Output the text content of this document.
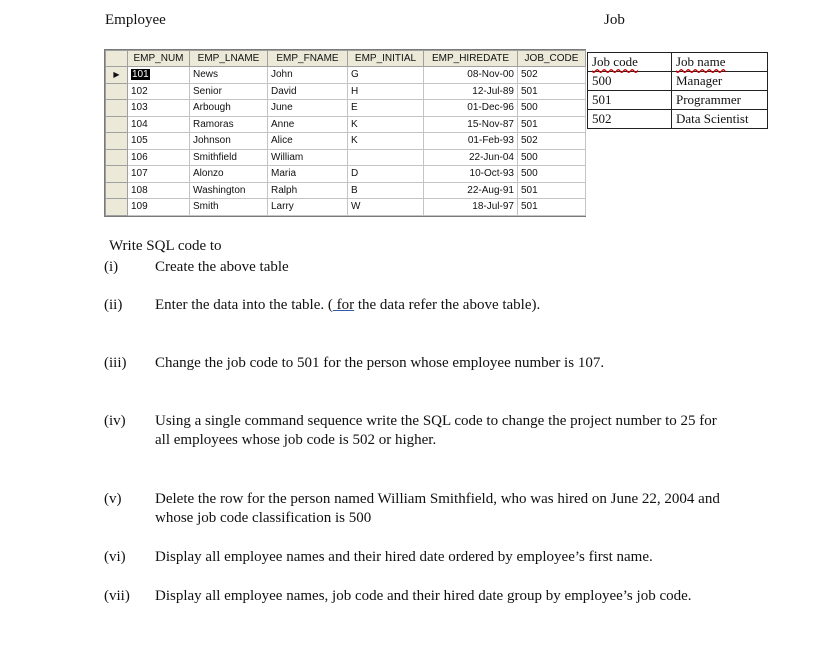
Employee	Job
	EMP_NUM	EMP_LNAME	EMP_FNAME	EMP_INITIAL	EMP_HIREDATE	JOB_CODE
▶	101	News	John	G	08-Nov-00	502
	102	Senior	David	H	12-Jul-89	501
	103	Arbough	June	E	01-Dec-96	500
	104	Ramoras	Anne	K	15-Nov-87	501
	105	Johnson	Alice	K	01-Feb-93	502
	106	Smithfield	William		22-Jun-04	500
	107	Alonzo	Maria	D	10-Oct-93	500
	108	Washington	Ralph	B	22-Aug-91	501
	109	Smith	Larry	W	18-Jul-97	501
Job code	Job name
500	Manager
501	Programmer
502	Data Scientist
Write SQL code to
(i) Create the above table
(ii) Enter the data into the table. ( for the data refer the above table).
(iii) Change the job code to 501 for the person whose employee number is 107.
(iv) Using a single command sequence write the SQL code to change the project number to 25 for all employees whose job code is 502 or higher.
(v) Delete the row for the person named William Smithfield, who was hired on June 22, 2004 and whose job code classification is 500
(vi) Display all employee names and their hired date ordered by employee’s first name.
(vii) Display all employee names, job code and their hired date group by employee’s job code.
